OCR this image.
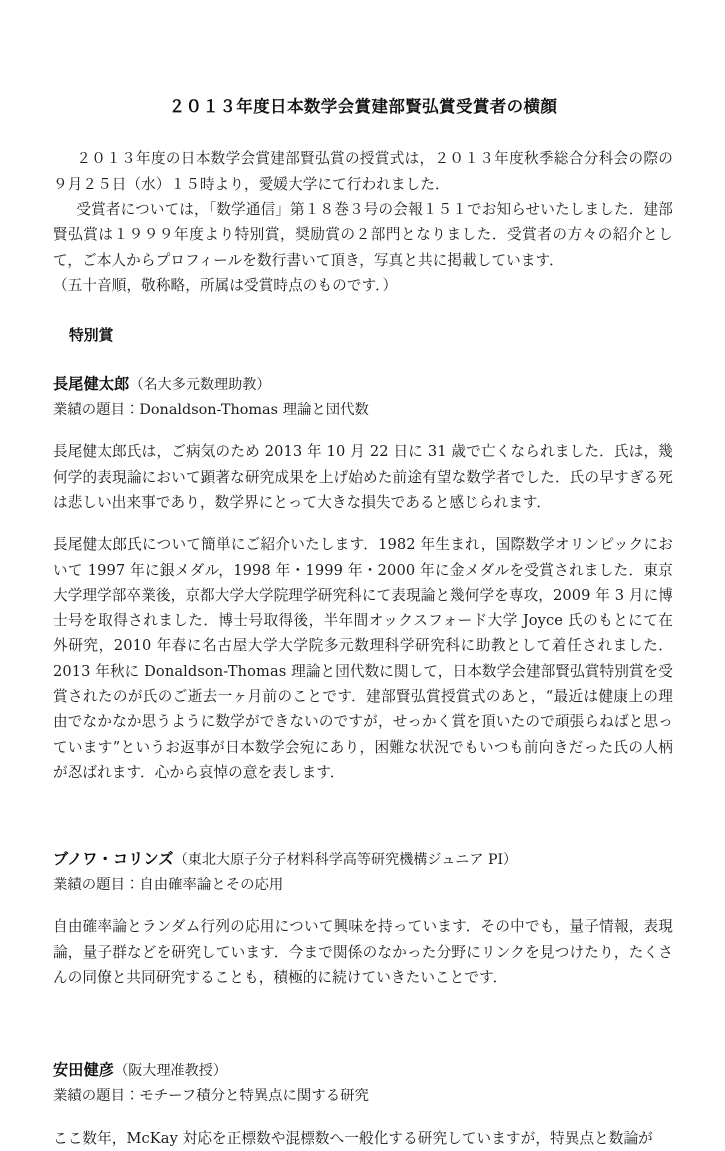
２０１３年度日本数学会賞建部賢弘賞受賞者の横顔

２０１３年度の日本数学会賞建部賢弘賞の授賞式は，２０１３年度秋季総合分科会の際の９月２５日（水）１５時より，愛媛大学にて行われました．

受賞者については，「数学通信」第１８巻３号の会報１５１でお知らせいたしました．建部賢弘賞は１９９９年度より特別賞，奨励賞の２部門となりました．受賞者の方々の紹介として，ご本人からプロフィールを数行書いて頂き，写真と共に掲載しています．

（五十音順，敬称略，所属は受賞時点のものです．）

特別賞

長尾健太郎（名大多元数理助教）

業績の題目：Donaldson-Thomas 理論と団代数

長尾健太郎氏は，ご病気のため 2013 年 10 月 22 日に 31 歳で亡くなられました．氏は，幾何学的表現論において顕著な研究成果を上げ始めた前途有望な数学者でした．氏の早すぎる死は悲しい出来事であり，数学界にとって大きな損失であると感じられます．

長尾健太郎氏について簡単にご紹介いたします．1982 年生まれ，国際数学オリンピックにおいて 1997 年に銀メダル，1998 年・1999 年・2000 年に金メダルを受賞されました．東京大学理学部卒業後，京都大学大学院理学研究科にて表現論と幾何学を専攻，2009 年 3 月に博士号を取得されました．博士号取得後，半年間オックスフォード大学 Joyce 氏のもとにて在外研究，2010 年春に名古屋大学大学院多元数理科学研究科に助教として着任されました．2013 年秋に Donaldson-Thomas 理論と団代数に関して，日本数学会建部賢弘賞特別賞を受賞されたのが氏のご逝去一ヶ月前のことです．建部賢弘賞授賞式のあと，“最近は健康上の理由でなかなか思うように数学ができないのですが，せっかく賞を頂いたので頑張らねばと思っています”というお返事が日本数学会宛にあり，困難な状況でもいつも前向きだった氏の人柄が忍ばれます．心から哀悼の意を表します．

ブノワ・コリンズ（東北大原子分子材料科学高等研究機構ジュニア PI）

業績の題目：自由確率論とその応用

自由確率論とランダム行列の応用について興味を持っています．その中でも，量子情報，表現論，量子群などを研究しています．今まで関係のなかった分野にリンクを見つけたり，たくさんの同僚と共同研究することも，積極的に続けていきたいことです．

安田健彦（阪大理准教授）

業績の題目：モチーフ積分と特異点に関する研究

ここ数年，McKay 対応を正標数や混標数へ一般化する研究していますが，特異点と数論が
